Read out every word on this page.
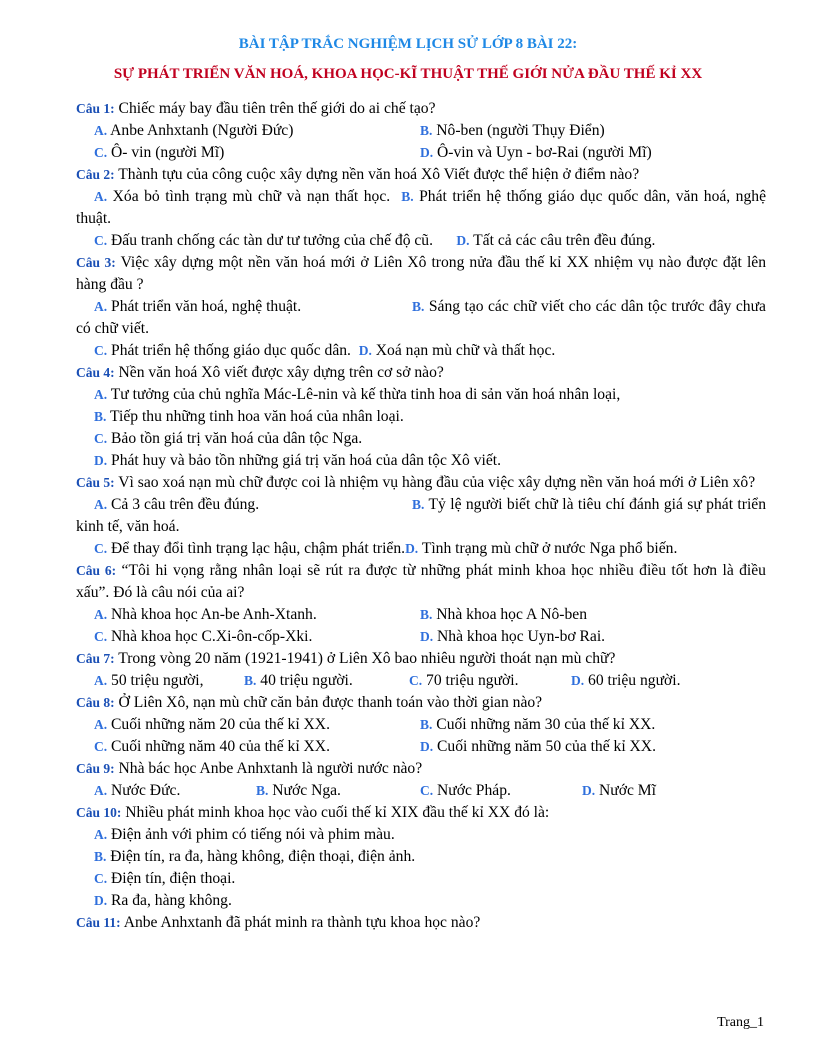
BÀI TẬP TRẮC NGHIỆM LỊCH SỬ LỚP 8 BÀI 22:
SỰ PHÁT TRIỂN VĂN HOÁ, KHOA HỌC-KĨ THUẬT THẾ GIỚI NỬA ĐẦU THẾ KỈ XX

Câu 1: Chiếc máy bay đầu tiên trên thế giới do ai chế tạo?

A. Anbe Anhxtanh (Người Đức)	B. Nô-ben (người Thụy Điển)
C. Ô- vin (người Mĩ)	D. Ô-vin và Uyn - bơ-Rai (người Mĩ)

Câu 2: Thành tựu của công cuộc xây dựng nền văn hoá Xô Viết được thể hiện ở điểm nào?

A. Xóa bỏ tình trạng mù chữ và nạn thất học. B. Phát triển hệ thống giáo dục quốc dân, văn hoá, nghệ thuật.
C. Đấu tranh chống các tàn dư tư tưởng của chế độ cũ. D. Tất cả các câu trên đều đúng.

Câu 3: Việc xây dựng một nền văn hoá mới ở Liên Xô trong nửa đầu thế kỉ XX nhiệm vụ nào được đặt lên hàng đầu ?

A. Phát triển văn hoá, nghệ thuật.	B. Sáng tạo các chữ viết cho các dân tộc trước đây chưa có chữ viết.
C. Phát triển hệ thống giáo dục quốc dân.
D. Xoá nạn mù chữ và thất học.

Câu 4: Nền văn hoá Xô viết được xây dựng trên cơ sở nào?

A. Tư tưởng của chủ nghĩa Mác-Lê-nin và kế thừa tinh hoa di sản văn hoá nhân loại,
B. Tiếp thu những tinh hoa văn hoá của nhân loại.
C. Bảo tồn giá trị văn hoá của dân tộc Nga.
D. Phát huy và bảo tồn những giá trị văn hoá của dân tộc Xô viết.

Câu 5: Vì sao xoá nạn mù chữ được coi là nhiệm vụ hàng đầu của việc xây dựng nền văn hoá mới ở Liên xô?

A. Cả 3 câu trên đều đúng.	B. Tỷ lệ người biết chữ là tiêu chí đánh giá sự phát triển kinh tế, văn hoá.
C. Để thay đổi tình trạng lạc hậu, chậm phát triển.D. Tình trạng mù chữ ở nước Nga phổ biến.

Câu 6: “Tôi hi vọng rằng nhân loại sẽ rút ra được từ những phát minh khoa học nhiều điều tốt hơn là điều xấu”. Đó là câu nói của ai?

A. Nhà khoa học An-be Anh-Xtanh.	B. Nhà khoa học A Nô-ben
C. Nhà khoa học C.Xi-ôn-cốp-Xki.	D. Nhà khoa học Uyn-bơ Rai.

Câu 7: Trong vòng 20 năm (1921-1941) ở Liên Xô bao nhiêu người thoát nạn mù chữ?

A. 50 triệu người,	B. 40 triệu người.	C. 70 triệu người.	D. 60 triệu người.

Câu 8: Ở Liên Xô, nạn mù chữ căn bản được thanh toán vào thời gian nào?

A. Cuối những năm 20 của thế kỉ XX.	B. Cuối những năm 30 của thế kỉ XX.
C. Cuối những năm 40 của thế kỉ XX.	D. Cuối những năm 50 của thế kỉ XX.

Câu 9: Nhà bác học Anbe Anhxtanh là người nước nào?

A. Nước Đức.	B. Nước Nga.	C. Nước Pháp.	D. Nước Mĩ

Câu 10: Nhiều phát minh khoa học vào cuối thế kỉ XIX đầu thế kỉ XX đó là:

A. Điện ảnh với phim có tiếng nói và phim màu.
B. Điện tín, ra đa, hàng không, điện thoại, điện ảnh.
C. Điện tín, điện thoại.
D. Ra đa, hàng không.

Câu 11: Anbe Anhxtanh đã phát minh ra thành tựu khoa học nào?

Trang_1
